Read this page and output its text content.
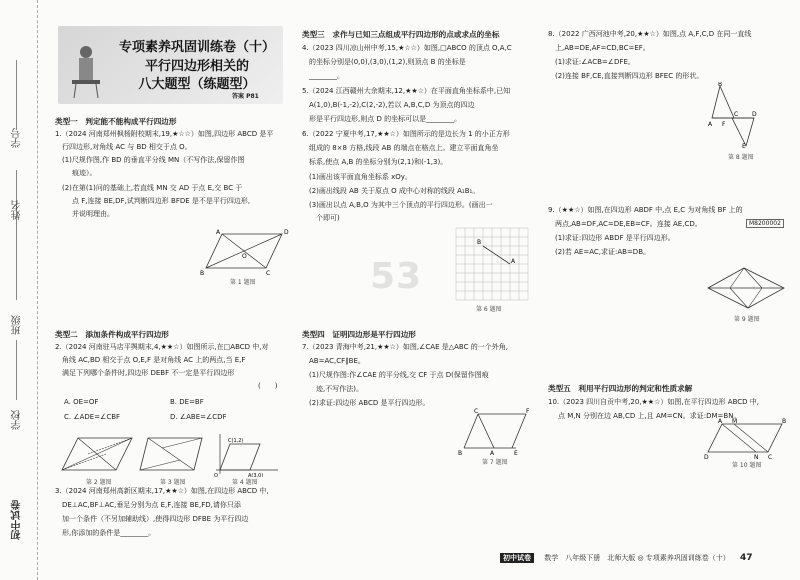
学号
姓名
班级
学校
初中试卷
专项素养巩固训练卷（十）
平行四边形相关的
八大题型（练题型）
答案 P81
类型一　判定能不能构成平行四边形
1.（2024 河南郑州枫杨附校期末,19,★☆☆）如图,四边形 ABCD 是平
行四边形,对角线 AC 与 BD 相交于点 O。
(1)尺规作图,作 BD 的垂直平分线 MN（不写作法,保留作图
痕迹）。
(2)在第(1)问的基础上,若直线 MN 交 AD 于点 E,交 BC 于
点 F,连接 BE,DF,试判断四边形 BFDE 是不是平行四边形,
并说明理由。
A	D
B	C
O
第 1 题图
类型二　添加条件构成平行四边形
2.（2024 河南驻马店平舆期末,4,★★☆）如图所示,在□ABCD 中,对
角线 AC,BD 相交于点 O,E,F 是对角线 AC 上的两点,当 E,F
满足下列哪个条件时,四边形 DEBF 不一定是平行四边形
(　　)
A. OE=OF	B. DE=BF
C. ∠ADE=∠CBF	D. ∠ABE=∠CDF
第 2 题图	第 3 题图
C(1,2)
A(3,0)
O
第 4 题图
3.（2024 河南郑州高新区期末,17,★★☆）如图,在四边形 ABCD 中,
DE⊥AC,BF⊥AC,垂足分别为点 E,F,连接 BE,FD,请你只添
加一个条件（不另加辅助线）,使得四边形 DFBE 为平行四边
形,你添加的条件是________。
类型三　求作与已知三点组成平行四边形的点或求点的坐标
4.（2023 四川凉山州中考,15,★☆☆）如图,□ABCO 的顶点 O,A,C
的坐标分别是(0,0),(3,0),(1,2),则顶点 B 的坐标是
________。
5.（2024 江西赣州大余期末,12,★★☆）在平面直角坐标系中,已知
A(1,0),B(-1,-2),C(2,-2),若以 A,B,C,D 为顶点的四边
形是平行四边形,则点 D 的坐标可以是________。
6.（2022 宁夏中考,17,★★☆）如图所示的是边长为 1 的小正方形
组成的 8×8 方格,线段 AB 的端点在格点上。建立平面直角坐
标系,使点 A,B 的坐标分别为(2,1)和(-1,3)。
(1)画出该平面直角坐标系 xOy。
(2)画出线段 AB 关于原点 O 成中心对称的线段 A₁B₁。
(3)画出以点 A,B,O 为其中三个顶点的平行四边形。(画出一
　个即可)
5 3
B
A
第 6 题图
类型四　证明四边形是平行四边形
7.（2023 青海中考,21,★★☆）如图,∠CAE 是△ABC 的一个外角,
AB=AC,CF∥BE。
(1)尺规作图:作∠CAE 的平分线,交 CF 于点 D(保留作图痕
　迹,不写作法)。
(2)求证:四边形 ABCD 是平行四边形。
C	F
B	A	E
第 7 题图
8.（2022 广西河池中考,20,★★☆）如图,点 A,F,C,D 在同一直线
上,AB=DE,AF=CD,BC=EF。
(1)求证:∠ACB=∠DFE。
(2)连接 BF,CE,直接判断四边形 BFEC 的形状。
B
A F
C D
E
第 8 题图
9.（★★☆）如图,在四边形 ABDF 中,点 E,C 为对角线 BF 上的
两点,AB=DF,AC=DE,EB=CF。连接 AE,CD。	M8200002
(1)求证:四边形 ABDF 是平行四边形。
(2)若 AE=AC,求证:AB=DB。
第 9 题图
类型五　利用平行四边形的判定和性质求解
10.（2023 四川自贡中考,20,★★☆）如图,在平行四边形 ABCD 中,
点 M,N 分别在边 AB,CD 上,且 AM=CN。求证:DM=BN。
A M	B
D	N C
第 10 题图
初中试卷 数学　八年级下册　北师大版 ◎ 专项素养巩固训练卷（十） 47
